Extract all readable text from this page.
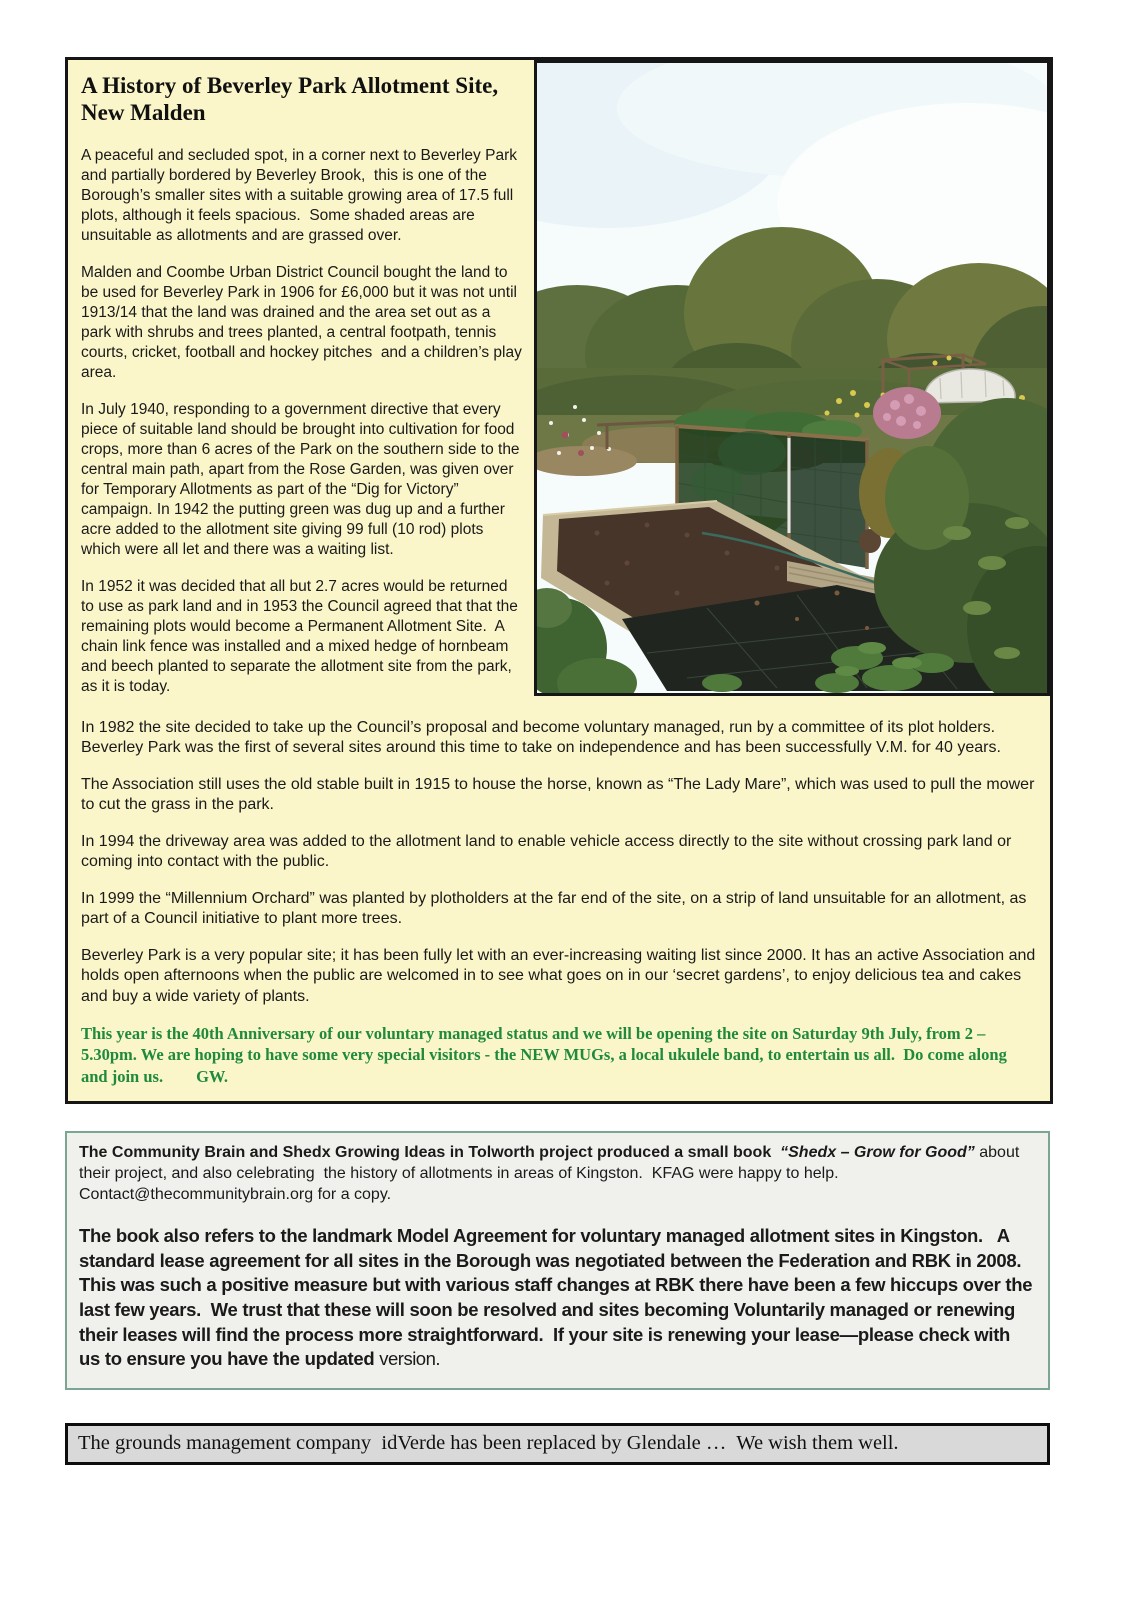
A History of Beverley Park Allotment Site,
New Malden

A peaceful and secluded spot, in a corner next to Beverley Park and partially bordered by Beverley Brook,  this is one of the Borough’s smaller sites with a suitable growing area of 17.5 full plots, although it feels spacious.  Some shaded areas are unsuitable as allotments and are grassed over.

Malden and Coombe Urban District Council bought the land to be used for Beverley Park in 1906 for £6,000 but it was not until 1913/14 that the land was drained and the area set out as a park with shrubs and trees planted, a central footpath, tennis courts, cricket, football and hockey pitches  and a children’s play area.

In July 1940, responding to a government directive that every piece of suitable land should be brought into cultivation for food crops, more than 6 acres of the Park on the southern side to the central main path, apart from the Rose Garden, was given over for Temporary Allotments as part of the “Dig for Victory” campaign. In 1942 the putting green was dug up and a further acre added to the allotment site giving 99 full (10 rod) plots which were all let and there was a waiting list.

In 1952 it was decided that all but 2.7 acres would be returned to use as park land and in 1953 the Council agreed that that the remaining plots would become a Permanent Allotment Site.  A chain link fence was installed and a mixed hedge of hornbeam and beech planted to separate the allotment site from the park, as it is today.

In 1982 the site decided to take up the Council’s proposal and become voluntary managed, run by a committee of its plot holders.  Beverley Park was the first of several sites around this time to take on independence and has been successfully V.M. for 40 years.

The Association still uses the old stable built in 1915 to house the horse, known as “The Lady Mare”, which was used to pull the mower to cut the grass in the park.

In 1994 the driveway area was added to the allotment land to enable vehicle access directly to the site without crossing park land or coming into contact with the public.

In 1999 the “Millennium Orchard” was planted by plotholders at the far end of the site, on a strip of land unsuitable for an allotment, as part of a Council initiative to plant more trees.

Beverley Park is a very popular site; it has been fully let with an ever-increasing waiting list since 2000. It has an active Association and holds open afternoons when the public are welcomed in to see what goes on in our ‘secret gardens’, to enjoy delicious tea and cakes and buy a wide variety of plants.

This year is the 40th Anniversary of our voluntary managed status and we will be opening the site on Saturday 9th July, from 2 – 5.30pm. We are hoping to have some very special visitors - the NEW MUGs, a local ukulele band, to entertain us all.  Do come along and join us.        GW.

The Community Brain and Shedx Growing Ideas in Tolworth project produced a small book  “Shedx – Grow for Good” about their project, and also celebrating  the history of allotments in areas of Kingston.  KFAG were happy to help.  Contact@thecommunitybrain.org for a copy.

The book also refers to the landmark Model Agreement for voluntary managed allotment sites in Kingston.   A standard lease agreement for all sites in the Borough was negotiated between the Federation and RBK in 2008.  This was such a positive measure but with various staff changes at RBK there have been a few hiccups over the last few years.  We trust that these will soon be resolved and sites becoming Voluntarily managed or renewing their leases will find the process more straightforward.  If your site is renewing your lease—please check with us to ensure you have the updated version.

The grounds management company  idVerde has been replaced by Glendale …  We wish them well.
